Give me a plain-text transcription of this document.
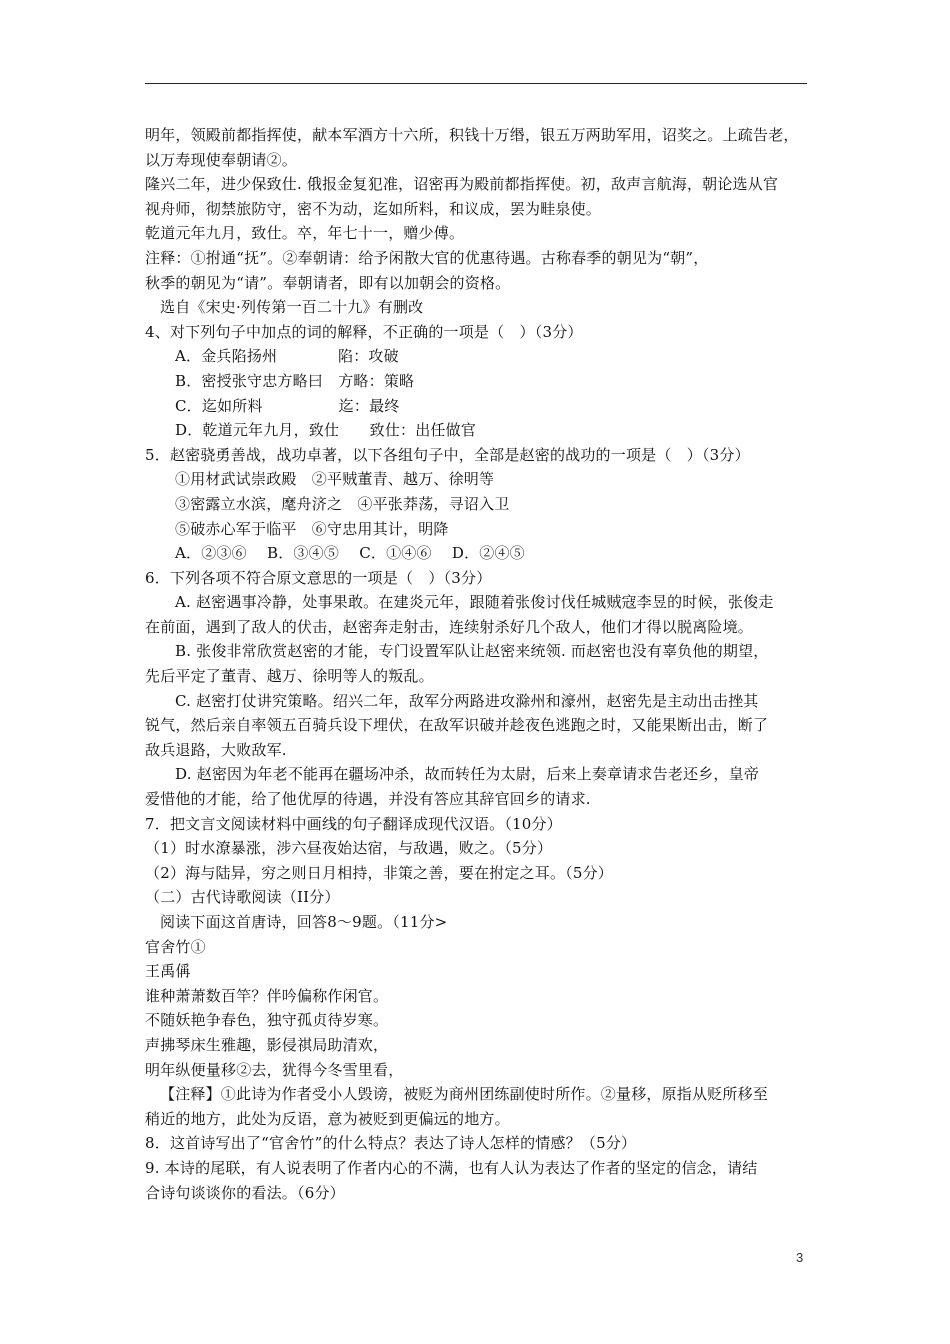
明年，领殿前都指挥使，献本军酒方十六所，积钱十万缗，银五万两助军用，诏奖之。上疏告老，
以万寿现使奉朝请②。
隆兴二年，进少保致仕. 俄报金复犯准，诏密再为殿前都指挥使。初，敌声言航海，朝论选从官
视舟师，彻禁旅防守，密不为动，迄如所料，和议成，罢为畦泉使。
乾道元年九月，致仕。卒，年七十一，赠少傅。
注释：①拊通“抚”。②奉朝请：给予闲散大官的优惠待遇。古称春季的朝见为“朝”，
秋季的朝见为“请”。奉朝请者，即有以加朝会的资格。
选自《宋史·列传第一百二十九》有删改
4、对下列句子中加点的词的解释，不正确的一项是（　）（3分）
A．金兵陷扬州　　　　陷：攻破
B．密授张守忠方略曰　方略：策略
C．迄如所料　　　　　迄：最终
D．乾道元年九月，致仕　　致仕：出任做官
5．赵密骁勇善战，战功卓著，以下各组句子中，全部是赵密的战功的一项是（　）（3分）
①用材武试崇政殿　②平贼董青、越万、徐明等
③密露立水滨，麾舟济之　④平张莽荡，寻诏入卫
⑤破赤心军于临平　⑥守忠用其计，明降
A．②③⑥　 B．③④⑤　 C．①④⑥　 D．②④⑤
6．下列各项不符合原文意思的一项是（　）（3分）
A. 赵密遇事冷静，处事果敢。在建炎元年，跟随着张俊讨伐任城贼寇李昱的时候，张俊走
在前面，遇到了敌人的伏击，赵密奔走射击，连续射杀好几个敌人，他们才得以脱离险境。
B. 张俊非常欣赏赵密的才能，专门设置军队让赵密来统领. 而赵密也没有辜负他的期望，
先后平定了董青、越万、徐明等人的叛乱。
C. 赵密打仗讲究策略。绍兴二年，敌军分两路进攻滁州和濠州，赵密先是主动出击挫其
锐气，然后亲自率领五百骑兵设下埋伏，在敌军识破并趁夜色逃跑之时，又能果断出击，断了
敌兵退路，大败敌军.
D. 赵密因为年老不能再在疆场冲杀，故而转任为太尉，后来上奏章请求告老还乡，皇帝
爱惜他的才能，给了他优厚的待遇，并没有答应其辞官回乡的请求.
7．把文言文阅读材料中画线的句子翻译成现代汉语。（10分）
（1）时水潦暴涨，涉六昼夜始达宿，与敌遇，败之。（5分）
（2）海与陆异，穷之则日月相持，非策之善，要在拊定之耳。（5分）
（二）古代诗歌阅读（II分）
阅读下面这首唐诗，回答8～9题。（11分>
官舍竹①
王禹偁
谁种萧萧数百竿？伴吟偏称作闲官。
不随妖艳争春色，独守孤贞待岁寒。
声拂琴床生雅趣，影侵祺局助清欢，
明年纵便量移②去，犹得今冬雪里看，
【注释】①此诗为作者受小人毁谤，被贬为商州团练副使时所作。②量移，原指从贬所移至
稍近的地方，此处为反语，意为被贬到更偏远的地方。
8．这首诗写出了“官舍竹”的什么特点？表达了诗人怎样的情感？（5分）
9. 本诗的尾联，有人说表明了作者内心的不满，也有人认为表达了作者的坚定的信念，请结
合诗句谈谈你的看法。（6分）
3
